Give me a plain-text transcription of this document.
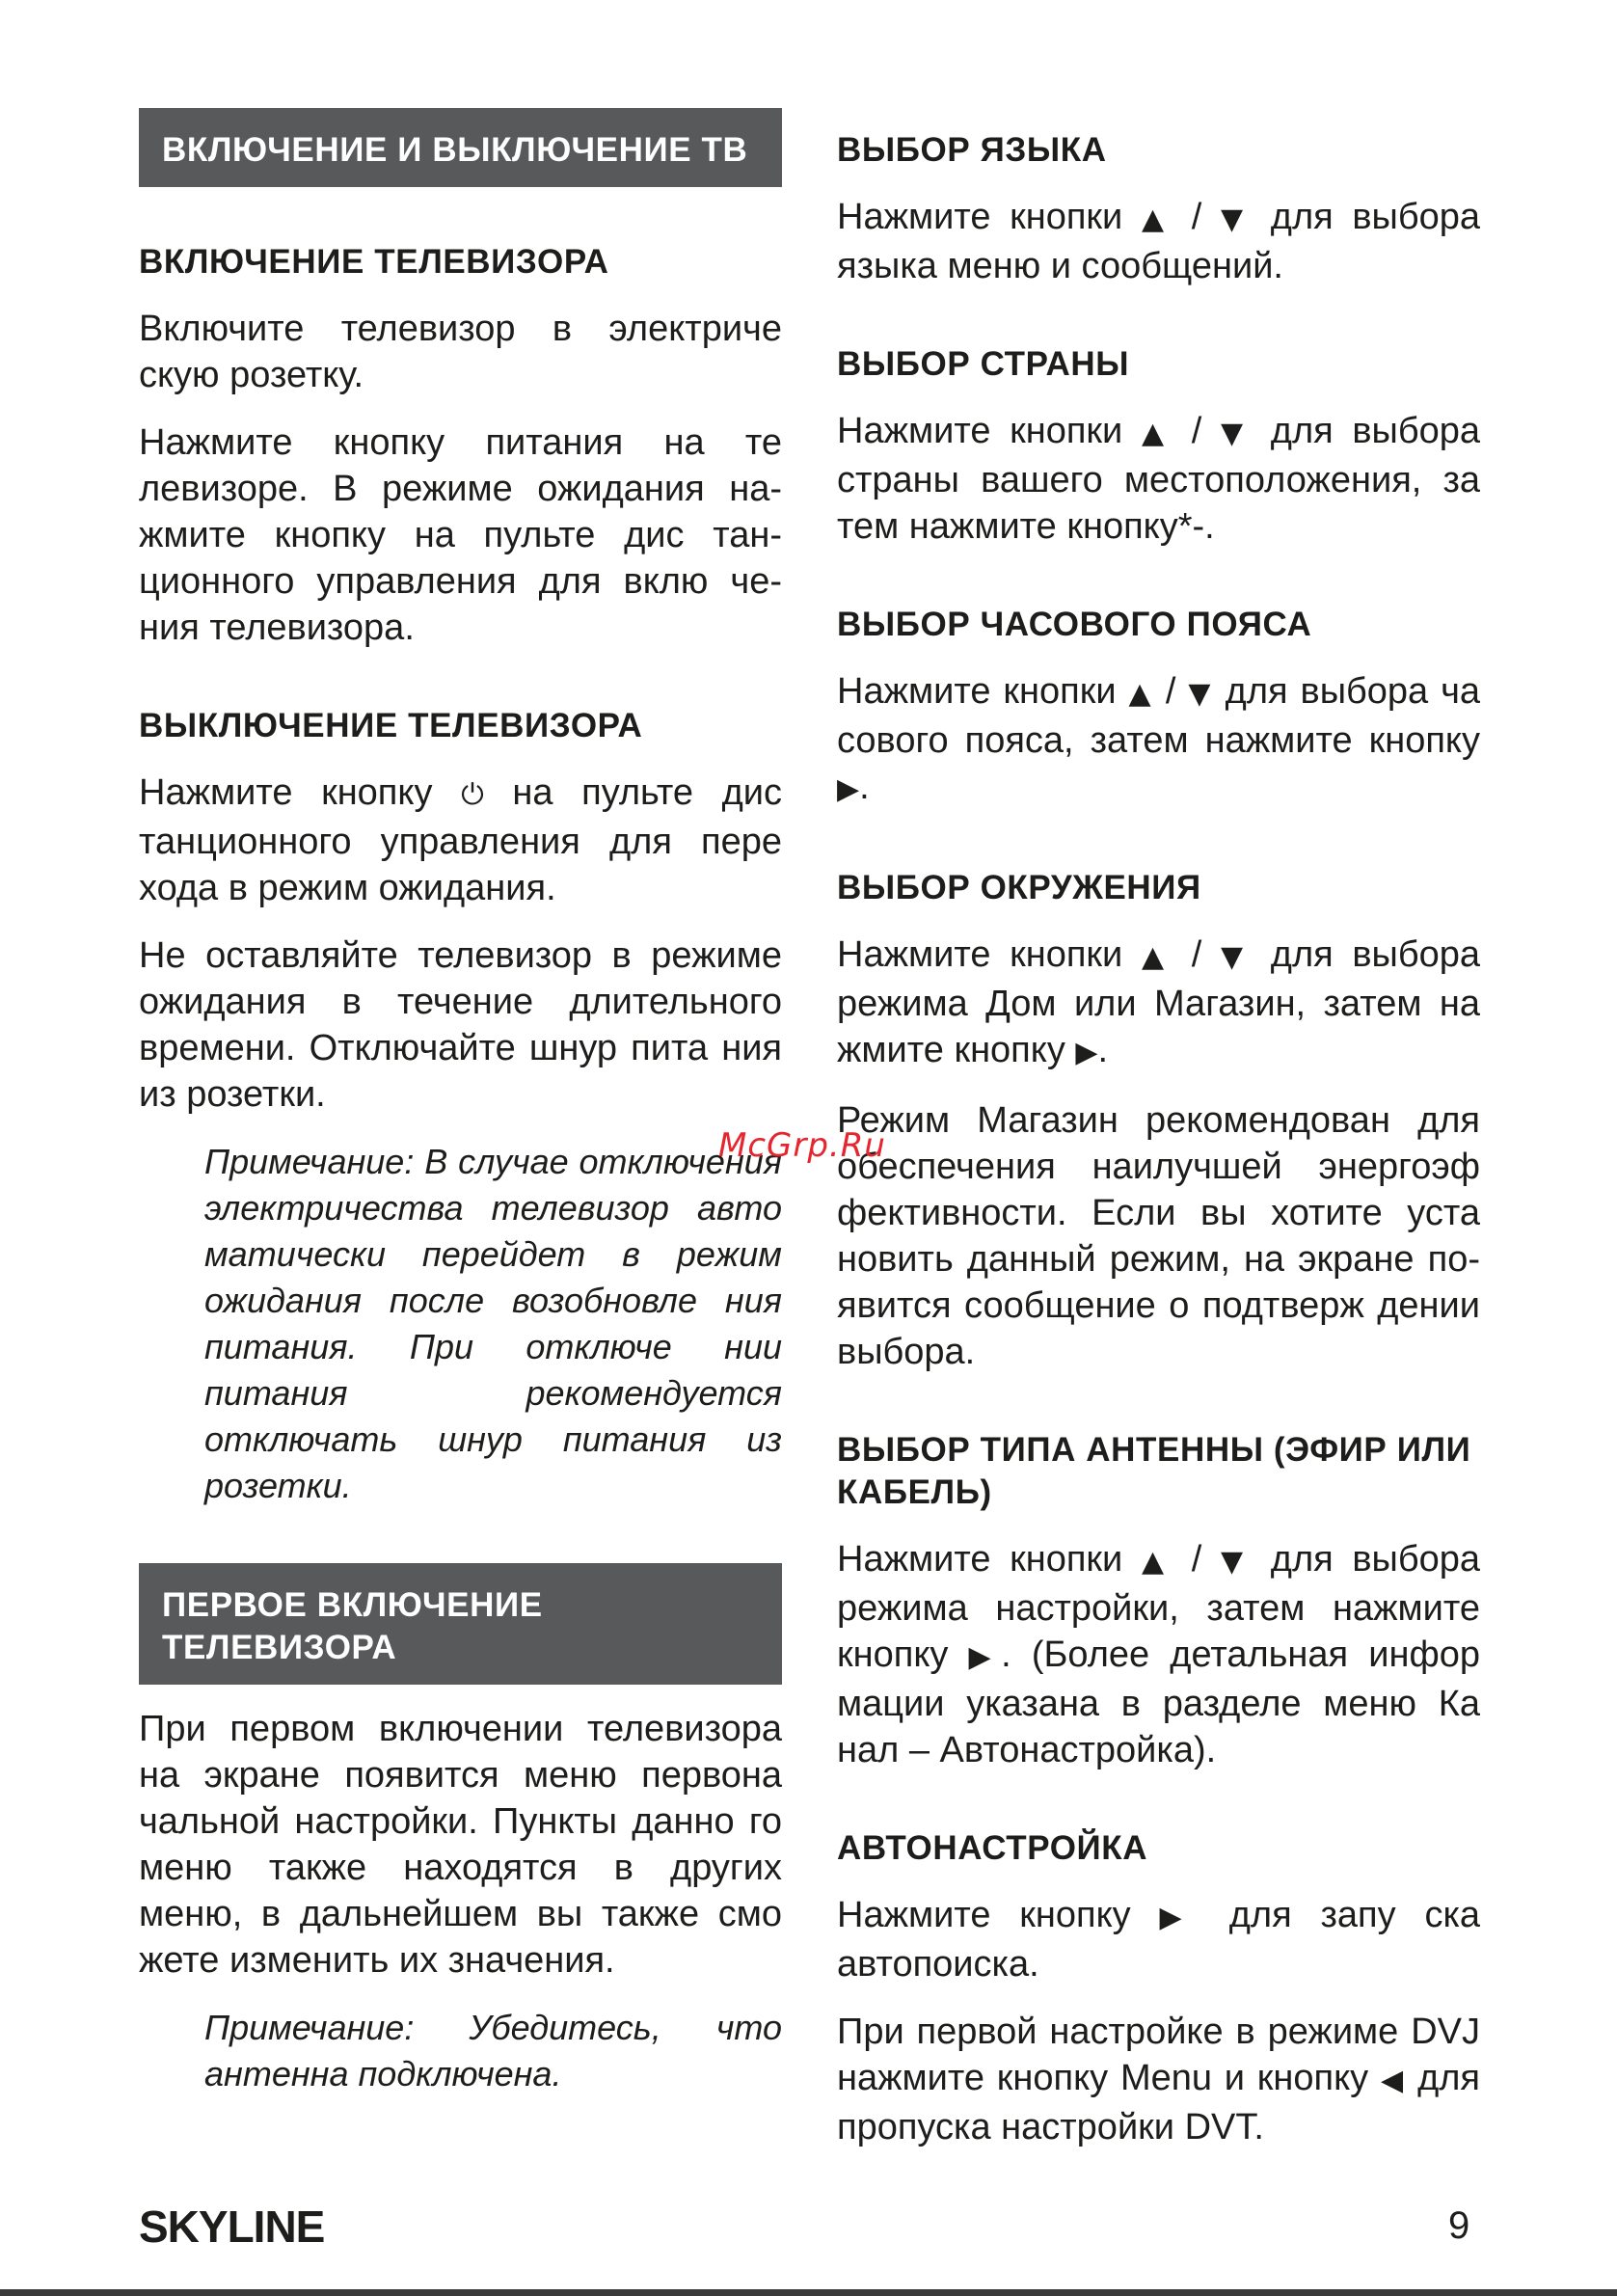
ВКЛЮЧЕНИЕ И ВЫКЛЮЧЕНИЕ ТВ
ВКЛЮЧЕНИЕ ТЕЛЕВИЗОРА

Включите телевизор в электриче скую розетку.

Нажмите кнопку питания на те левизоре. В режиме ожидания нажмите кнопку на пульте дис танционного управления для вклю чения телевизора.

ВЫКЛЮЧЕНИЕ ТЕЛЕВИЗОРА

Нажмите кнопку ⏻ на пульте дис танционного управления для пере хода в режим ожидания.

Не оставляйте телевизор в режиме ожидания в течение длительного времени. Отключайте шнур пита ния из розетки.

Примечание: В случае отключения электричества телевизор авто матически перейдет в режим ожидания после возобновле ния питания. При отключе нии питания рекомендуется отключать шнур питания из розетки.

ПЕРВОЕ ВКЛЮЧЕНИЕ ТЕЛЕВИЗОРА

При первом включении телевизора на экране появится меню первона чальной настройки. Пункты данно го меню также находятся в других меню, в дальнейшем вы также смо жете изменить их значения.

Примечание: Убедитесь, что антенна подключена.

ВЫБОР ЯЗЫКА

Нажмите кнопки ▲ / ▼ для выбора языка меню и сообщений.

ВЫБОР СТРАНЫ

Нажмите кнопки ▲ / ▼ для выбора страны вашего местоположения, за тем нажмите кнопку*-.

ВЫБОР ЧАСОВОГО ПОЯСА

Нажмите кнопки ▲ / ▼ для выбора ча сового пояса, затем нажмите кнопку ▶.

ВЫБОР ОКРУЖЕНИЯ

Нажмите кнопки ▲ / ▼ для выбора режима Дом или Магазин, затем на жмите кнопку ▶.

Режим Магазин рекомендован для обеспечения наилучшей энергоэф фективности. Если вы хотите уста новить данный режим, на экране появится сообщение о подтверж дении выбора.

ВЫБОР ТИПА АНТЕННЫ (ЭФИР ИЛИ КАБЕЛЬ)

Нажмите кнопки ▲ / ▼ для выбора режима настройки, затем нажмите кнопку ▶. (Более детальная инфор мации указана в разделе меню Ка нал – Автонастройка).

АВТОНАСТРОЙКА

Нажмите кнопку ▶ для запу ска автопоиска.

При первой настройке в режиме DVJ нажмите кнопку Menu и кнопку ◀ для пропуска настройки DVT.

McGrp.Ru
SKYLINE	9
